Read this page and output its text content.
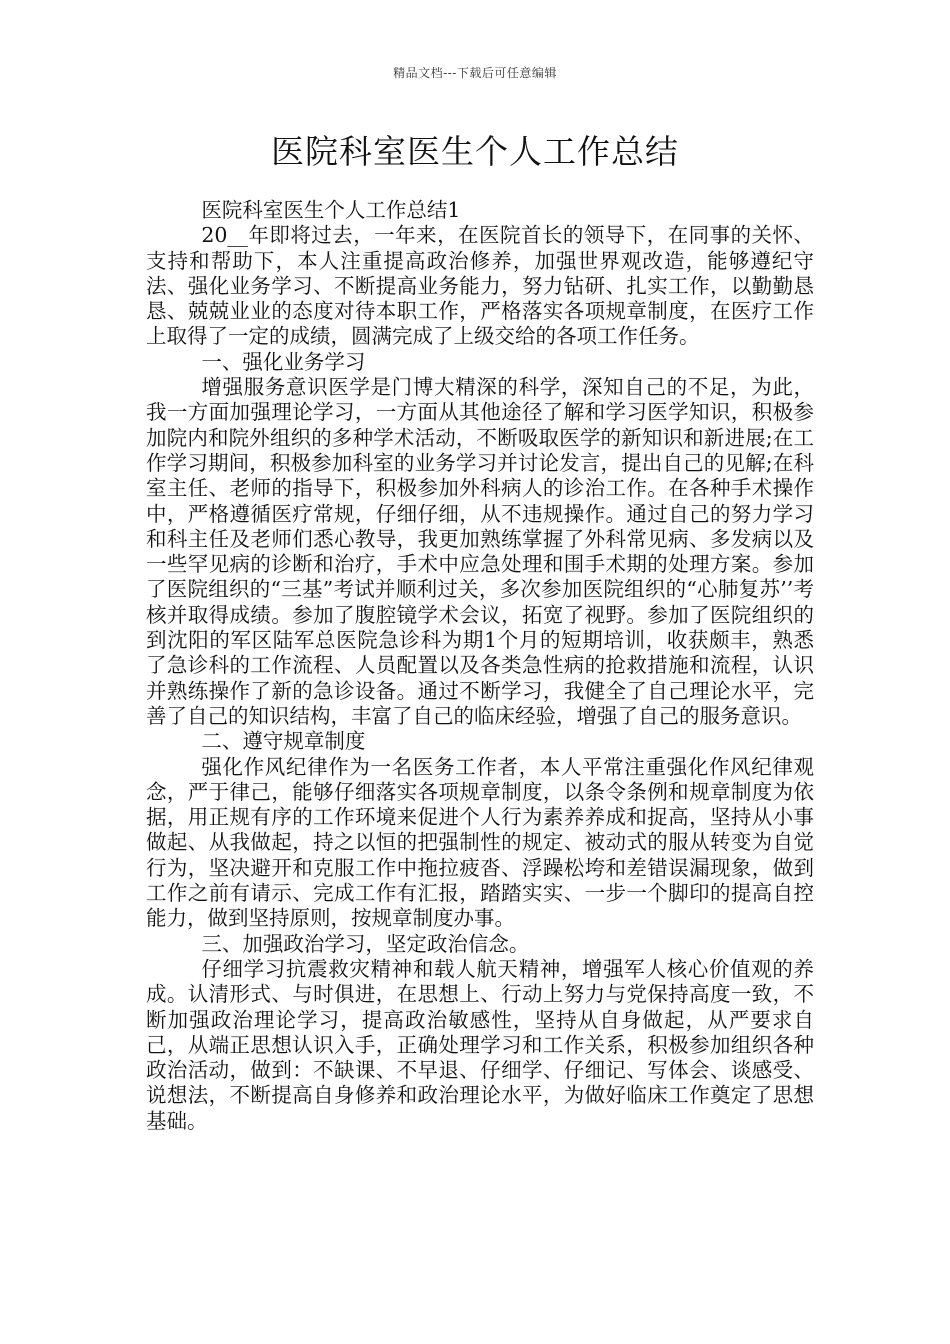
精品文档---下载后可任意编辑
医院科室医生个人工作总结

医院科室医生个人工作总结1

20__年即将过去，一年来，在医院首长的领导下，在同事的关怀、支持和帮助下，本人注重提高政治修养，加强世界观改造，能够遵纪守法、强化业务学习、不断提高业务能力，努力钻研、扎实工作，以勤勤恳恳、兢兢业业的态度对待本职工作，严格落实各项规章制度，在医疗工作上取得了一定的成绩，圆满完成了上级交给的各项工作任务。

一、强化业务学习

增强服务意识医学是门博大精深的科学，深知自己的不足，为此，我一方面加强理论学习，一方面从其他途径了解和学习医学知识，积极参加院内和院外组织的多种学术活动，不断吸取医学的新知识和新进展;在工作学习期间，积极参加科室的业务学习并讨论发言，提出自己的见解;在科室主任、老师的指导下，积极参加外科病人的诊治工作。在各种手术操作中，严格遵循医疗常规，仔细仔细，从不违规操作。通过自己的努力学习和科主任及老师们悉心教导，我更加熟练掌握了外科常见病、多发病以及一些罕见病的诊断和治疗，手术中应急处理和围手术期的处理方案。参加了医院组织的“三基”考试并顺利过关，多次参加医院组织的“心肺复苏’’考核并取得成绩。参加了腹腔镜学术会议，拓宽了视野。参加了医院组织的到沈阳的军区陆军总医院急诊科为期1个月的短期培训，收获颇丰，熟悉了急诊科的工作流程、人员配置以及各类急性病的抢救措施和流程，认识并熟练操作了新的急诊设备。通过不断学习，我健全了自己理论水平，完善了自己的知识结构，丰富了自己的临床经验，增强了自己的服务意识。

二、遵守规章制度

强化作风纪律作为一名医务工作者，本人平常注重强化作风纪律观念，严于律己，能够仔细落实各项规章制度，以条令条例和规章制度为依据，用正规有序的工作环境来促进个人行为素养养成和捉高，坚持从小事做起、从我做起，持之以恒的把强制性的规定、被动式的服从转变为自觉行为，坚决避开和克服工作中拖拉疲沓、浮躁松垮和差错误漏现象，做到工作之前有请示、完成工作有汇报，踏踏实实、一步一个脚印的提高自控能力，做到坚持原则，按规章制度办事。

三、加强政治学习，坚定政治信念。

仔细学习抗震救灾精神和载人航天精神，增强军人核心价值观的养成。认清形式、与时俱进，在思想上、行动上努力与党保持高度一致，不断加强政治理论学习，提高政治敏感性，坚持从自身做起，从严要求自己，从端正思想认识入手，正确处理学习和工作关系，积极参加组织各种政治活动，做到：不缺课、不早退、仔细学、仔细记、写体会、谈感受、说想法，不断提高自身修养和政治理论水平，为做好临床工作奠定了思想基础。
